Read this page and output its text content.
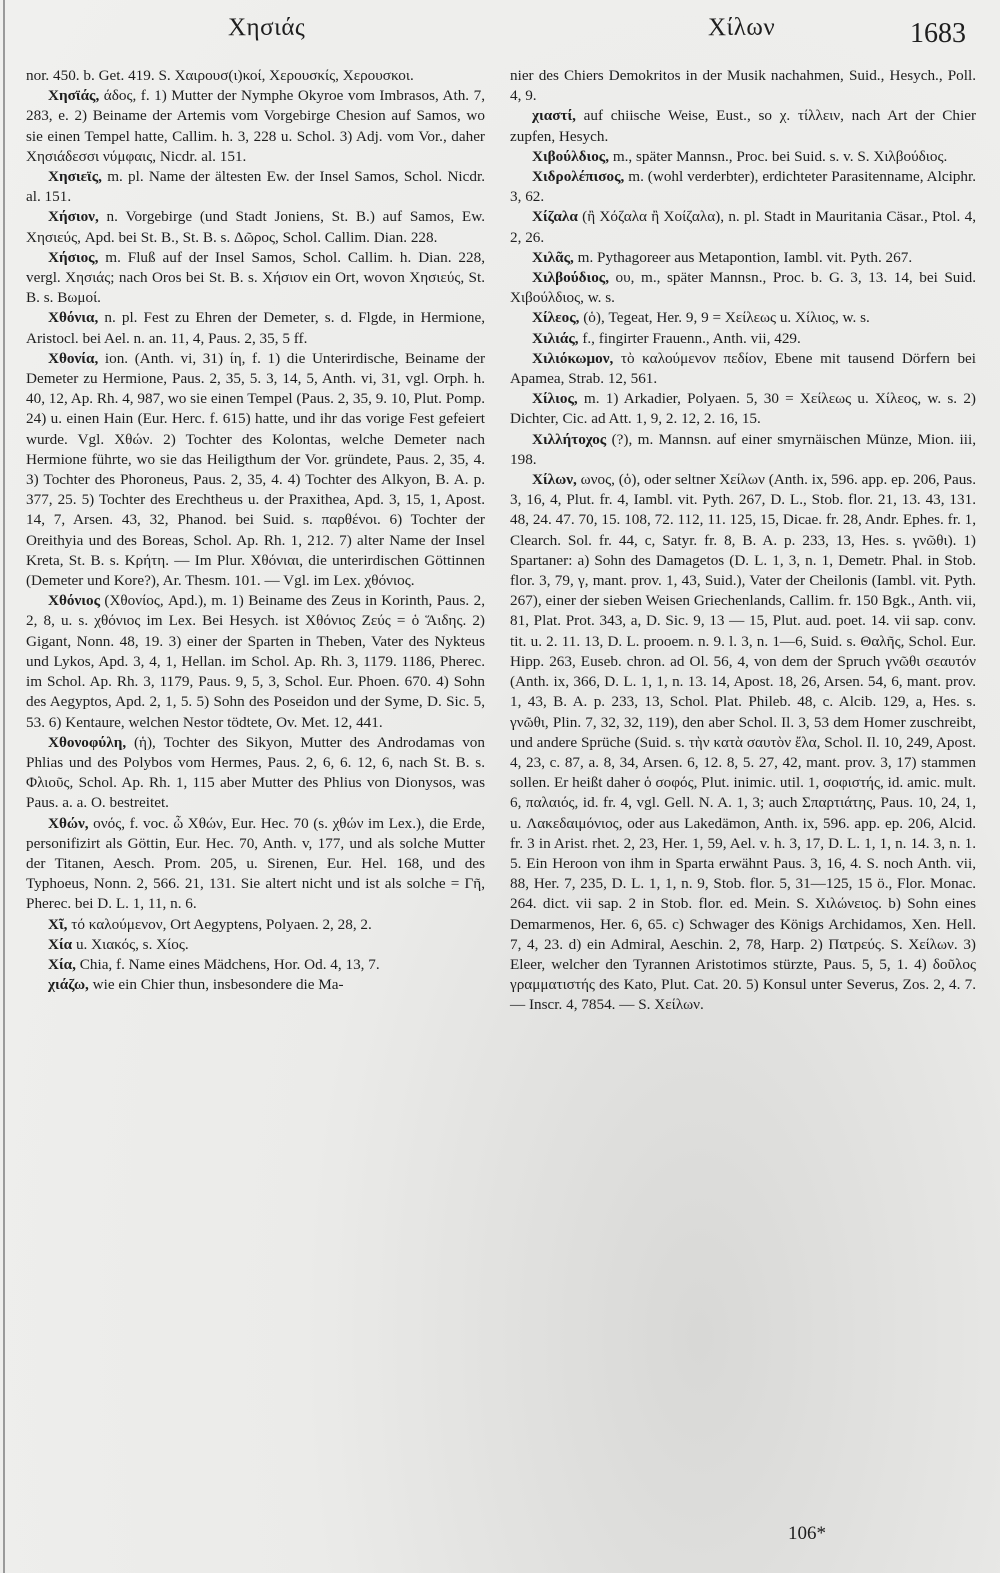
Χησιάς	Χίλων	1683

nor. 450. b. Get. 419. S. Χαιρουσ(ι)κοί, Χερουσκίς, Χερουσκοι.

Χησϊάς, άδος, f. 1) Mutter der Nymphe Okyroe vom Imbrasos, Ath. 7, 283, e. 2) Beiname der Artemis vom Vorgebirge Chesion auf Samos, wo sie einen Tempel hatte, Callim. h. 3, 228 u. Schol. 3) Adj. vom Vor., daher Χησιάδεσσι νύμφαις, Nicdr. al. 151.

Χησιεϊς, m. pl. Name der ältesten Ew. der Insel Samos, Schol. Nicdr. al. 151.

Χήσιον, n. Vorgebirge (und Stadt Joniens, St. B.) auf Samos, Ew. Χησιεύς, Apd. bei St. B., St. B. s. Δῶρος, Schol. Callim. Dian. 228.

Χήσιος, m. Fluß auf der Insel Samos, Schol. Callim. h. Dian. 228, vergl. Χησιάς; nach Oros bei St. B. s. Χήσιον ein Ort, wovon Χησιεύς, St. B. s. Βωμοί.

Χθόνια, n. pl. Fest zu Ehren der Demeter, s. d. Flgde, in Hermione, Aristocl. bei Ael. n. an. 11, 4, Paus. 2, 35, 5 ff.

Χθονία, ion. (Anth. vi, 31) ίη, f. 1) die Unterirdische, Beiname der Demeter zu Hermione, Paus. 2, 35, 5. 3, 14, 5, Anth. vi, 31, vgl. Orph. h. 40, 12, Ap. Rh. 4, 987, wo sie einen Tempel (Paus. 2, 35, 9. 10, Plut. Pomp. 24) u. einen Hain (Eur. Herc. f. 615) hatte, und ihr das vorige Fest gefeiert wurde. Vgl. Χθών. 2) Tochter des Kolontas, welche Demeter nach Hermione führte, wo sie das Heiligthum der Vor. gründete, Paus. 2, 35, 4. 3) Tochter des Phoroneus, Paus. 2, 35, 4. 4) Tochter des Alkyon, B. A. p. 377, 25. 5) Tochter des Erechtheus u. der Praxithea, Apd. 3, 15, 1, Apost. 14, 7, Arsen. 43, 32, Phanod. bei Suid. s. παρθένοι. 6) Tochter der Oreithyia und des Boreas, Schol. Ap. Rh. 1, 212. 7) alter Name der Insel Kreta, St. B. s. Κρήτη. — Im Plur. Χθόνιαι, die unterirdischen Göttinnen (Demeter und Kore?), Ar. Thesm. 101. — Vgl. im Lex. χθόνιος.

Χθόνιος (Χθονίος, Apd.), m. 1) Beiname des Zeus in Korinth, Paus. 2, 2, 8, u. s. χθόνιος im Lex. Bei Hesych. ist Χθόνιος Ζεύς = ὁ Ἅιδης. 2) Gigant, Nonn. 48, 19. 3) einer der Sparten in Theben, Vater des Nykteus und Lykos, Apd. 3, 4, 1, Hellan. im Schol. Ap. Rh. 3, 1179. 1186, Pherec. im Schol. Ap. Rh. 3, 1179, Paus. 9, 5, 3, Schol. Eur. Phoen. 670. 4) Sohn des Aegyptos, Apd. 2, 1, 5. 5) Sohn des Poseidon und der Syme, D. Sic. 5, 53. 6) Kentaure, welchen Nestor tödtete, Ov. Met. 12, 441.

Χθονοφύλη, (ἡ), Tochter des Sikyon, Mutter des Androdamas von Phlias und des Polybos vom Hermes, Paus. 2, 6, 6. 12, 6, nach St. B. s. Φλιοῦς, Schol. Ap. Rh. 1, 115 aber Mutter des Phlius von Dionysos, was Paus. a. a. O. bestreitet.

Χθών, ονός, f. voc. ὦ Χθών, Eur. Hec. 70 (s. χθών im Lex.), die Erde, personifizirt als Göttin, Eur. Hec. 70, Anth. v, 177, und als solche Mutter der Titanen, Aesch. Prom. 205, u. Sirenen, Eur. Hel. 168, und des Typhoeus, Nonn. 2, 566. 21, 131. Sie altert nicht und ist als solche = Γῆ, Pherec. bei D. L. 1, 11, n. 6.

Χῖ, τό καλούμενον, Ort Aegyptens, Polyaen. 2, 28, 2.

Χία u. Χιακός, s. Χίος.

Χία, Chia, f. Name eines Mädchens, Hor. Od. 4, 13, 7.

χιάζω, wie ein Chier thun, insbesondere die Ma-

nier des Chiers Demokritos in der Musik nachahmen, Suid., Hesych., Poll. 4, 9.

χιαστί, auf chiische Weise, Eust., so χ. τίλλειν, nach Art der Chier zupfen, Hesych.

Χιβούλδιος, m., später Mannsn., Proc. bei Suid. s. v. S. Χιλβούδιος.

Χιδρολέπισος, m. (wohl verderbter), erdichteter Parasitenname, Alciphr. 3, 62.

Χίζαλα (ἢ Χόζαλα ἢ Χοίζαλα), n. pl. Stadt in Mauritania Cäsar., Ptol. 4, 2, 26.

Χιλᾶς, m. Pythagoreer aus Metapontion, Iambl. vit. Pyth. 267.

Χιλβούδιος, ου, m., später Mannsn., Proc. b. G. 3, 13. 14, bei Suid. Χιβούλδιος, w. s.

Χίλεος, (ὁ), Tegeat, Her. 9, 9 = Χείλεως u. Χίλιος, w. s.

Χιλιάς, f., fingirter Frauenn., Anth. vii, 429.

Χιλιόκωμον, τὸ καλούμενον πεδίον, Ebene mit tausend Dörfern bei Apamea, Strab. 12, 561.

Χίλιος, m. 1) Arkadier, Polyaen. 5, 30 = Χείλεως u. Χίλεος, w. s. 2) Dichter, Cic. ad Att. 1, 9, 2. 12, 2. 16, 15.

Χιλλήτοχος (?), m. Mannsn. auf einer smyrnäischen Münze, Mion. iii, 198.

Χίλων, ωνος, (ὁ), oder seltner Χείλων (Anth. ix, 596. app. ep. 206, Paus. 3, 16, 4, Plut. fr. 4, Iambl. vit. Pyth. 267, D. L., Stob. flor. 21, 13. 43, 131. 48, 24. 47. 70, 15. 108, 72. 112, 11. 125, 15, Dicae. fr. 28, Andr. Ephes. fr. 1, Clearch. Sol. fr. 44, c, Satyr. fr. 8, B. A. p. 233, 13, Hes. s. γνῶθι). 1) Spartaner: a) Sohn des Damagetos (D. L. 1, 3, n. 1, Demetr. Phal. in Stob. flor. 3, 79, γ, mant. prov. 1, 43, Suid.), Vater der Cheilonis (Iambl. vit. Pyth. 267), einer der sieben Weisen Griechenlands, Callim. fr. 150 Bgk., Anth. vii, 81, Plat. Prot. 343, a, D. Sic. 9, 13 — 15, Plut. aud. poet. 14. vii sap. conv. tit. u. 2. 11. 13, D. L. prooem. n. 9. l. 3, n. 1—6, Suid. s. Θαλῆς, Schol. Eur. Hipp. 263, Euseb. chron. ad Ol. 56, 4, von dem der Spruch γνῶθι σεαυτόν (Anth. ix, 366, D. L. 1, 1, n. 13. 14, Apost. 18, 26, Arsen. 54, 6, mant. prov. 1, 43, B. A. p. 233, 13, Schol. Plat. Phileb. 48, c. Alcib. 129, a, Hes. s. γνῶθι, Plin. 7, 32, 32, 119), den aber Schol. Il. 3, 53 dem Homer zuschreibt, und andere Sprüche (Suid. s. τὴν κατὰ σαυτὸν ἔλα, Schol. Il. 10, 249, Apost. 4, 23, c. 87, a. 8, 34, Arsen. 6, 12. 8, 5. 27, 42, mant. prov. 3, 17) stammen sollen. Er heißt daher ὁ σοφός, Plut. inimic. util. 1, σοφιστής, id. amic. mult. 6, παλαιός, id. fr. 4, vgl. Gell. N. A. 1, 3; auch Σπαρτιάτης, Paus. 10, 24, 1, u. Λακεδαιμόνιος, oder aus Lakedämon, Anth. ix, 596. app. ep. 206, Alcid. fr. 3 in Arist. rhet. 2, 23, Her. 1, 59, Ael. v. h. 3, 17, D. L. 1, 1, n. 14. 3, n. 1. 5. Ein Heroon von ihm in Sparta erwähnt Paus. 3, 16, 4. S. noch Anth. vii, 88, Her. 7, 235, D. L. 1, 1, n. 9, Stob. flor. 5, 31—125, 15 ö., Flor. Monac. 264. dict. vii sap. 2 in Stob. flor. ed. Mein. S. Χιλώνειος. b) Sohn eines Demarmenos, Her. 6, 65. c) Schwager des Königs Archidamos, Xen. Hell. 7, 4, 23. d) ein Admiral, Aeschin. 2, 78, Harp. 2) Πατρεύς. S. Χείλων. 3) Eleer, welcher den Tyrannen Aristotimos stürzte, Paus. 5, 5, 1. 4) δοῦλος γραμματιστής des Kato, Plut. Cat. 20. 5) Konsul unter Severus, Zos. 2, 4. 7. — Inscr. 4, 7854. — S. Χείλων.

106*
